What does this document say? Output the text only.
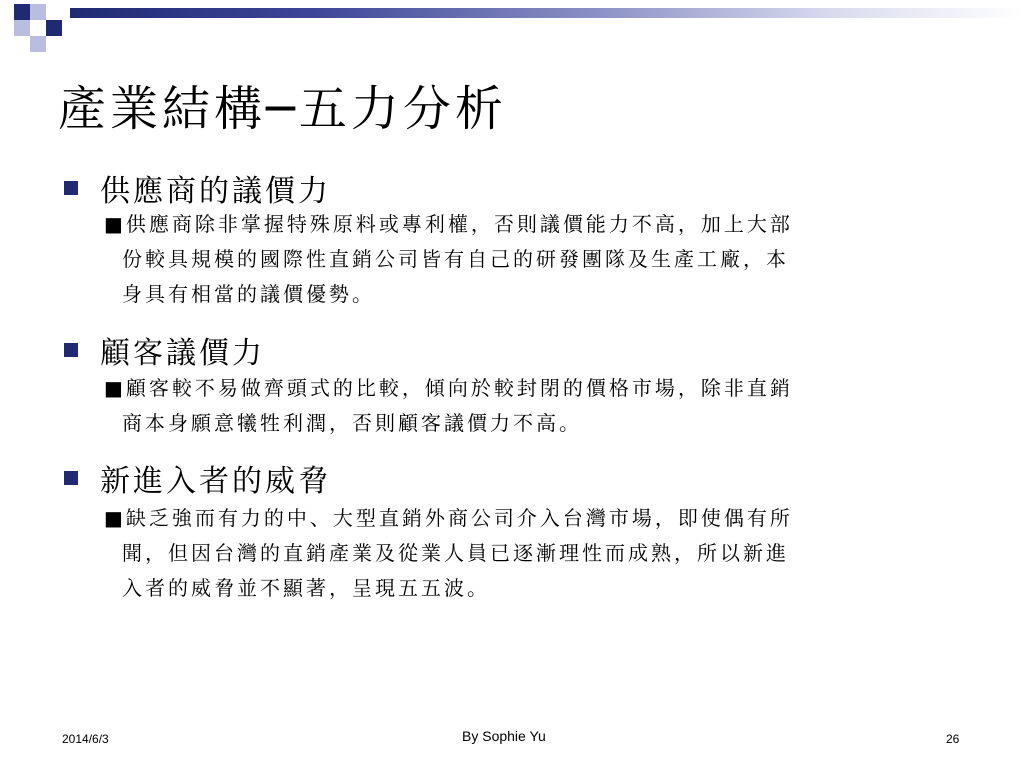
產業結構─五力分析
供應商的議價力
■供應商除非掌握特殊原料或專利權，否則議價能力不高，加上大部
份較具規模的國際性直銷公司皆有自己的研發團隊及生產工廠，本
身具有相當的議價優勢。
顧客議價力
■顧客較不易做齊頭式的比較，傾向於較封閉的價格市場，除非直銷
商本身願意犧牲利潤，否則顧客議價力不高。
新進入者的威脅
■缺乏強而有力的中、大型直銷外商公司介入台灣市場，即使偶有所
聞，但因台灣的直銷產業及從業人員已逐漸理性而成熟，所以新進
入者的威脅並不顯著，呈現五五波。
2014/6/3	By Sophie Yu	26
